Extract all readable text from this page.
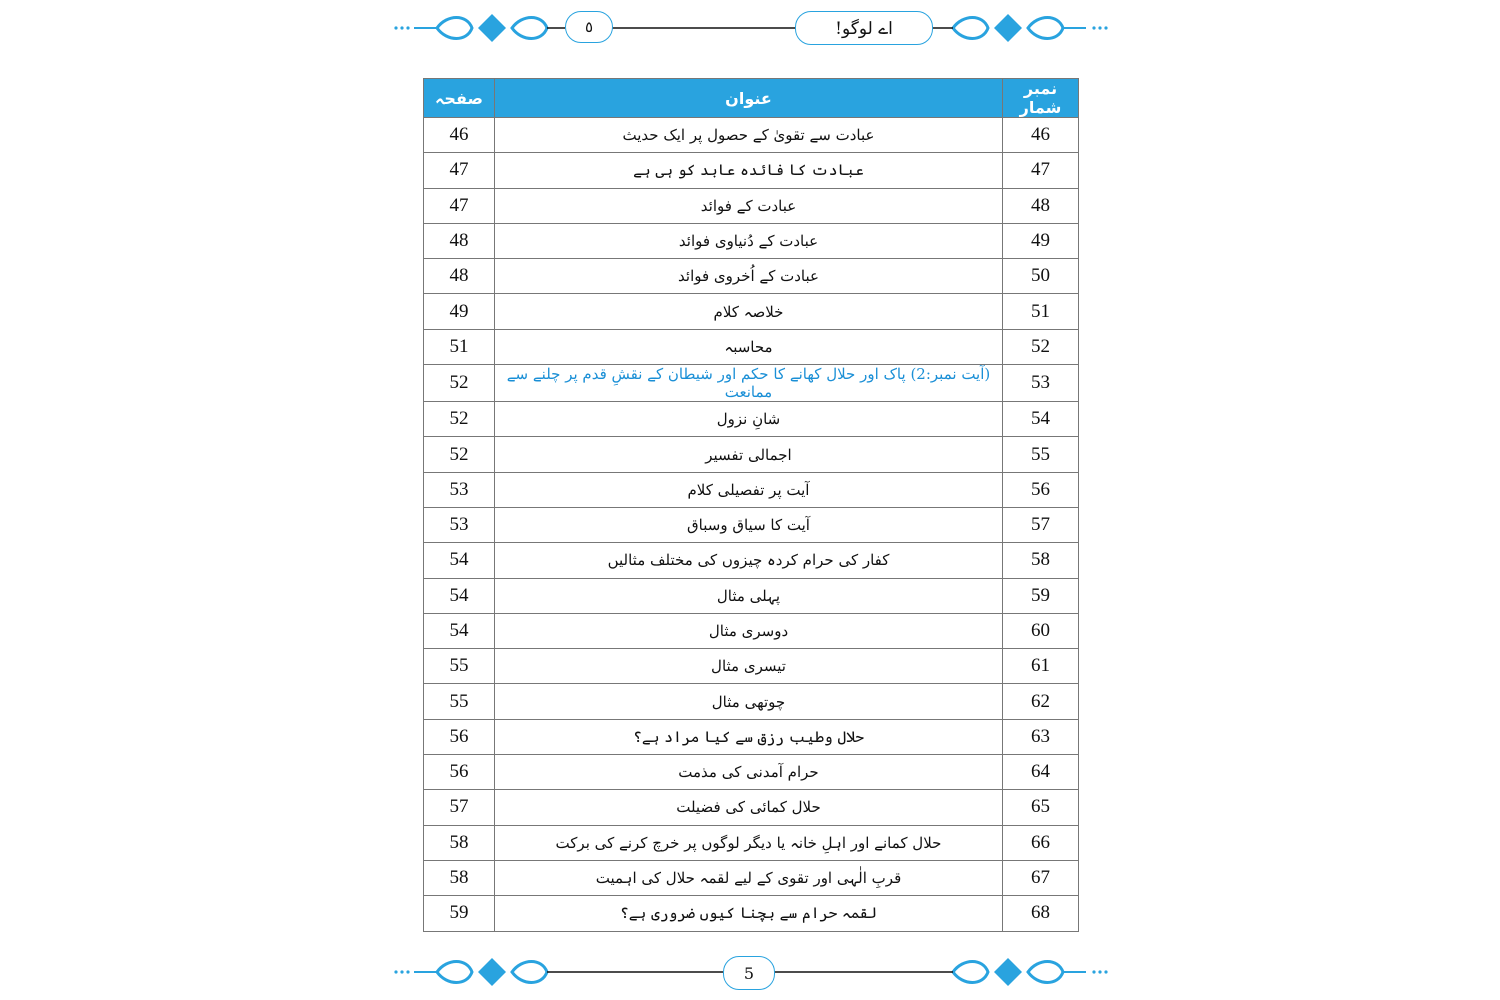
٥	اے لوگو!
نمبر شمار	عنوان	صفحہ
46	عبادت سے تقویٰ کے حصول پر ایک حدیث	46
47	عبادت کا فائدہ عابد کو ہی ہے	47
48	عبادت کے فوائد	47
49	عبادت کے دُنیاوی فوائد	48
50	عبادت کے اُخروی فوائد	48
51	خلاصہ کلام	49
52	محاسبہ	51
53	(آیت نمبر:2) پاک اور حلال کھانے کا حکم اور شیطان کے نقشِ قدم پر چلنے سے ممانعت	52
54	شانِ نزول	52
55	اجمالی تفسیر	52
56	آیت پر تفصیلی کلام	53
57	آیت کا سیاق وسباق	53
58	کفار کی حرام کردہ چیزوں کی مختلف مثالیں	54
59	پہلی مثال	54
60	دوسری مثال	54
61	تیسری مثال	55
62	چوتھی مثال	55
63	حلال وطیب رزق سے کیا مراد ہے؟	56
64	حرام آمدنی کی مذمت	56
65	حلال کمائی کی فضیلت	57
66	حلال کمانے اور اہلِ خانہ یا دیگر لوگوں پر خرچ کرنے کی برکت	58
67	قربِ الٰہی اور تقوی کے لیے لقمہ حلال کی اہمیت	58
68	لقمہ حرام سے بچنا کیوں ضروری ہے؟	59
5
